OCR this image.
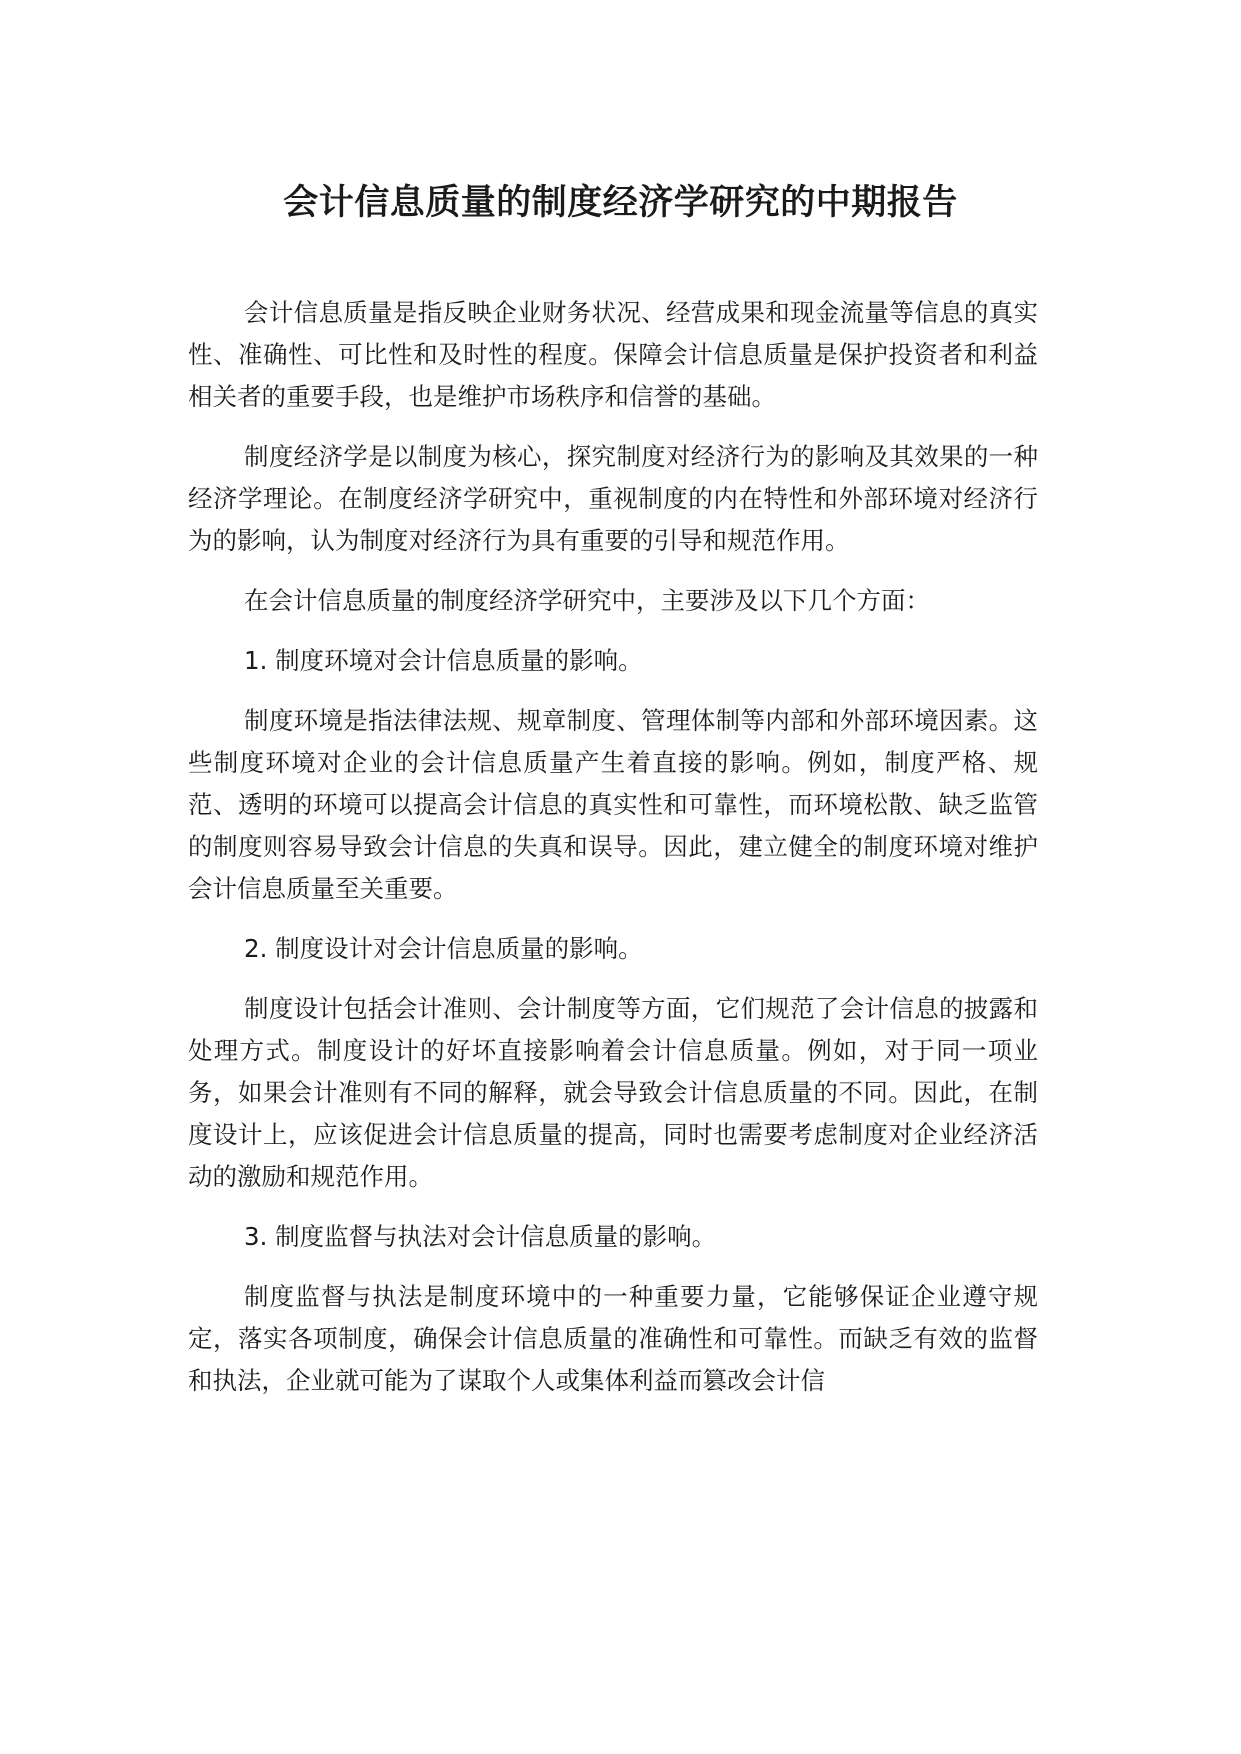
会计信息质量的制度经济学研究的中期报告

会计信息质量是指反映企业财务状况、经营成果和现金流量等信息的真实性、准确性、可比性和及时性的程度。保障会计信息质量是保护投资者和利益相关者的重要手段，也是维护市场秩序和信誉的基础。

制度经济学是以制度为核心，探究制度对经济行为的影响及其效果的一种经济学理论。在制度经济学研究中，重视制度的内在特性和外部环境对经济行为的影响，认为制度对经济行为具有重要的引导和规范作用。

在会计信息质量的制度经济学研究中，主要涉及以下几个方面：

1. 制度环境对会计信息质量的影响。

制度环境是指法律法规、规章制度、管理体制等内部和外部环境因素。这些制度环境对企业的会计信息质量产生着直接的影响。例如，制度严格、规范、透明的环境可以提高会计信息的真实性和可靠性，而环境松散、缺乏监管的制度则容易导致会计信息的失真和误导。因此，建立健全的制度环境对维护会计信息质量至关重要。

2. 制度设计对会计信息质量的影响。

制度设计包括会计准则、会计制度等方面，它们规范了会计信息的披露和处理方式。制度设计的好坏直接影响着会计信息质量。例如，对于同一项业务，如果会计准则有不同的解释，就会导致会计信息质量的不同。因此，在制度设计上，应该促进会计信息质量的提高，同时也需要考虑制度对企业经济活动的激励和规范作用。

3. 制度监督与执法对会计信息质量的影响。

制度监督与执法是制度环境中的一种重要力量，它能够保证企业遵守规定，落实各项制度，确保会计信息质量的准确性和可靠性。而缺乏有效的监督和执法，企业就可能为了谋取个人或集体利益而篡改会计信
